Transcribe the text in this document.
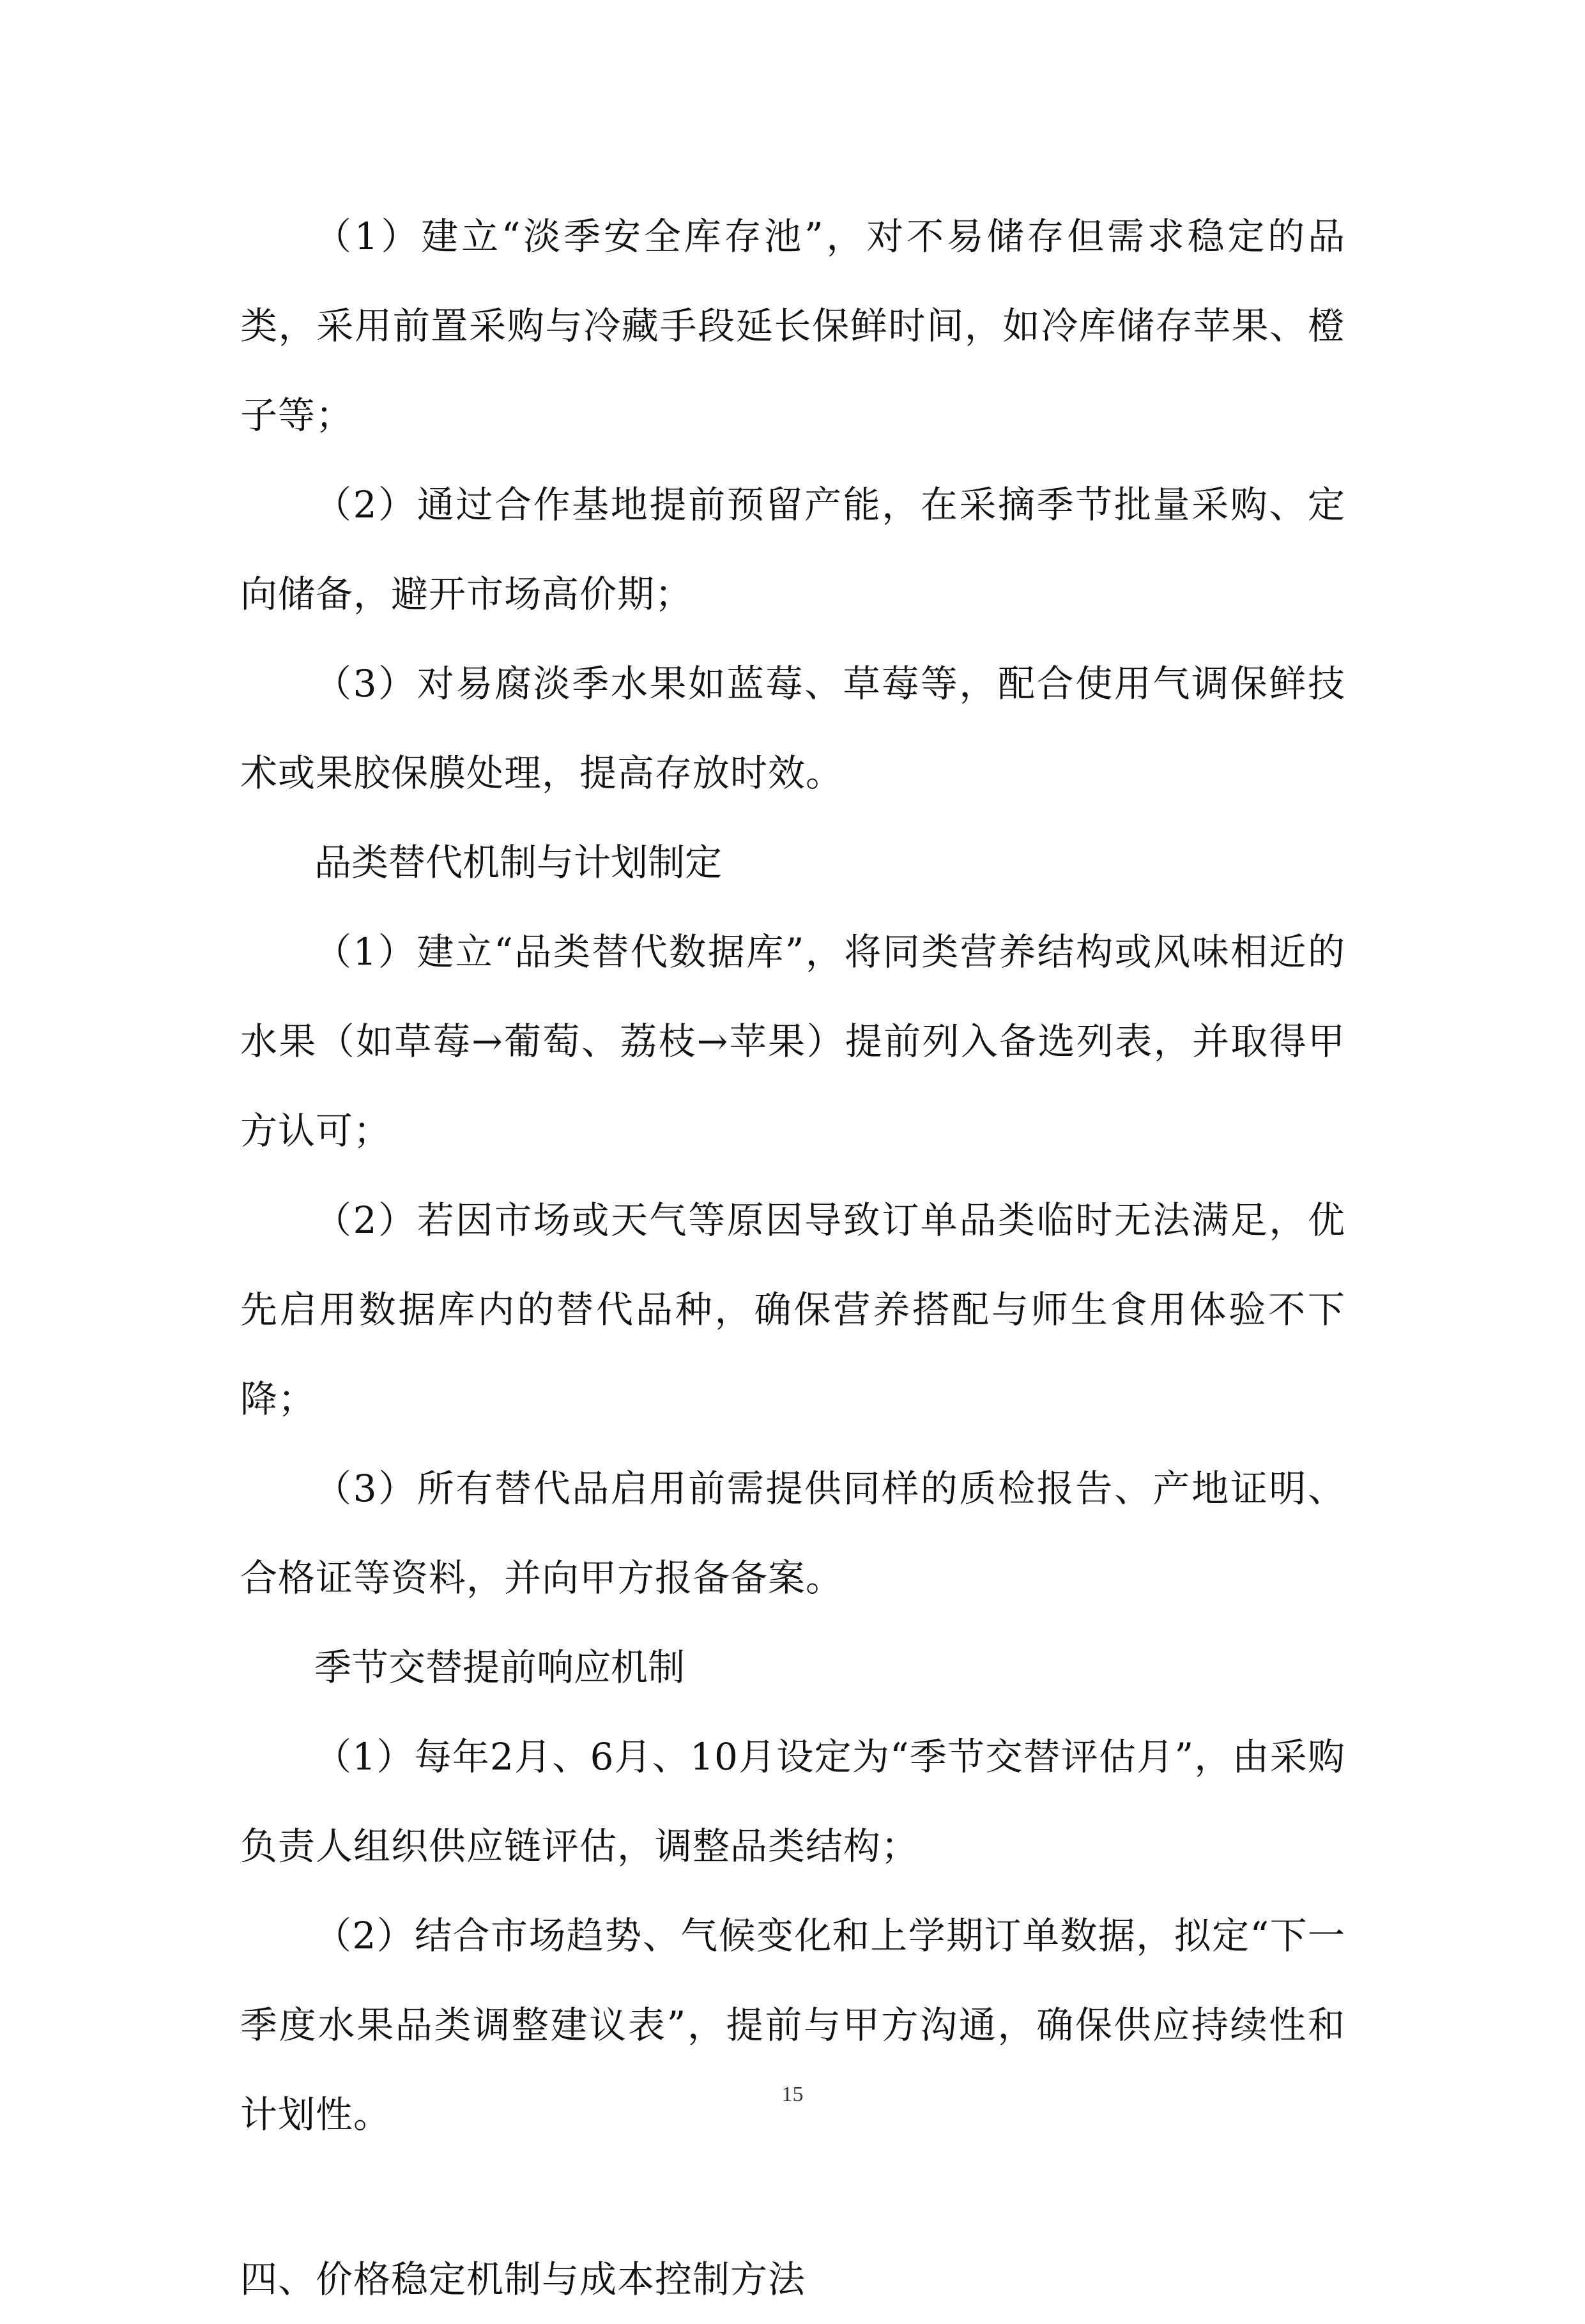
（1）建立“淡季安全库存池”，对不易储存但需求稳定的品类，采用前置采购与冷藏手段延长保鲜时间，如冷库储存苹果、橙子等；

（2）通过合作基地提前预留产能，在采摘季节批量采购、定向储备，避开市场高价期；

（3）对易腐淡季水果如蓝莓、草莓等，配合使用气调保鲜技术或果胶保膜处理，提高存放时效。

品类替代机制与计划制定

（1）建立“品类替代数据库”，将同类营养结构或风味相近的水果（如草莓→葡萄、荔枝→苹果）提前列入备选列表，并取得甲方认可；

（2）若因市场或天气等原因导致订单品类临时无法满足，优先启用数据库内的替代品种，确保营养搭配与师生食用体验不下降；

（3）所有替代品启用前需提供同样的质检报告、产地证明、合格证等资料，并向甲方报备备案。

季节交替提前响应机制

（1）每年2月、6月、10月设定为“季节交替评估月”，由采购负责人组织供应链评估，调整品类结构；

（2）结合市场趋势、气候变化和上学期订单数据，拟定“下一季度水果品类调整建议表”，提前与甲方沟通，确保供应持续性和计划性。

四、价格稳定机制与成本控制方法

15
